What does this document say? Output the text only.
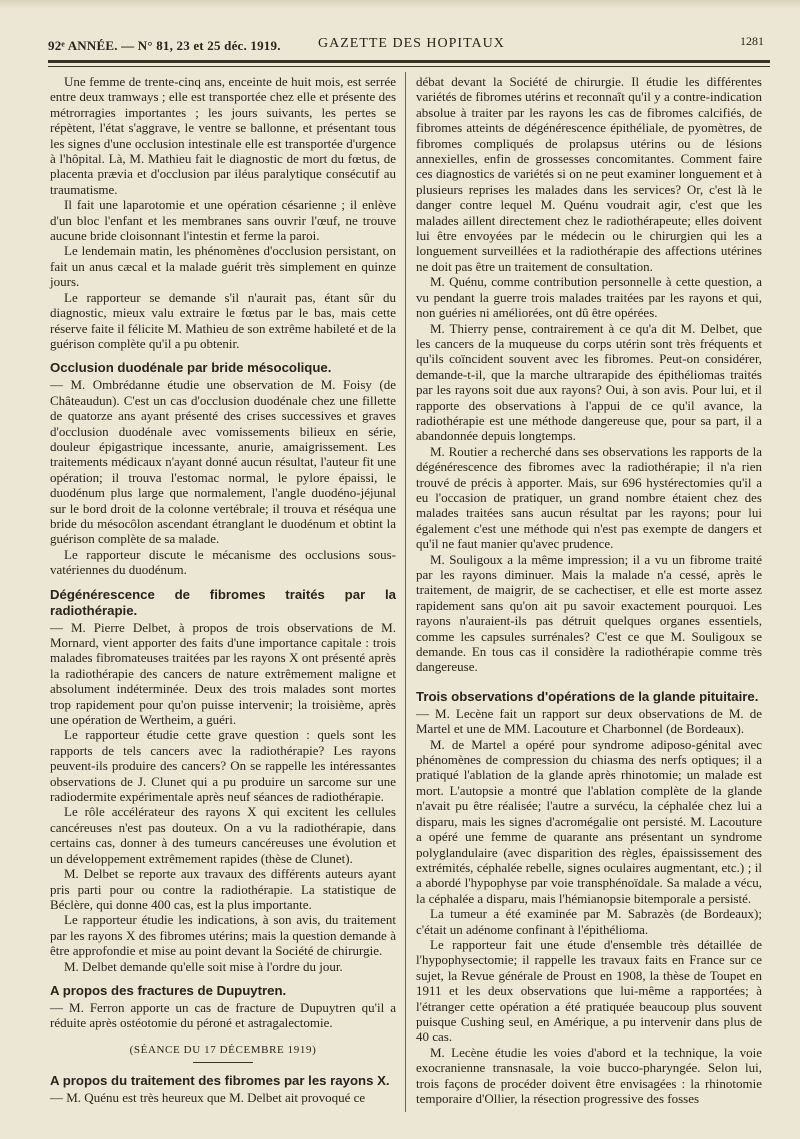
92ᵉ ANNÉE. — N° 81, 23 et 25 déc. 1919.	GAZETTE DES HOPITAUX	1281

Une femme de trente-cinq ans, enceinte de huit mois, est serrée entre deux tramways ; elle est transportée chez elle et présente des métrorragies importantes ; les jours suivants, les pertes se répètent, l'état s'aggrave, le ventre se ballonne, et présentant tous les signes d'une occlusion intestinale elle est transportée d'urgence à l'hôpital. Là, M. Mathieu fait le diagnostic de mort du fœtus, de placenta prævia et d'occlusion par iléus paralytique consécutif au traumatisme.

Il fait une laparotomie et une opération césarienne ; il enlève d'un bloc l'enfant et les membranes sans ouvrir l'œuf, ne trouve aucune bride cloisonnant l'intestin et ferme la paroi.

Le lendemain matin, les phénomènes d'occlusion persistant, on fait un anus cæcal et la malade guérit très simplement en quinze jours.

Le rapporteur se demande s'il n'aurait pas, étant sûr du diagnostic, mieux valu extraire le fœtus par le bas, mais cette réserve faite il félicite M. Mathieu de son extrême habileté et de la guérison complète qu'il a pu obtenir.

Occlusion duodénale par bride mésocolique.

— M. Ombrédanne étudie une observation de M. Foisy (de Châteaudun). C'est un cas d'occlusion duodénale chez une fillette de quatorze ans ayant présenté des crises successives et graves d'occlusion duodénale avec vomissements bilieux en série, douleur épigastrique incessante, anurie, amaigrissement. Les traitements médicaux n'ayant donné aucun résultat, l'auteur fit une opération; il trouva l'estomac normal, le pylore épaissi, le duodénum plus large que normalement, l'angle duodéno-jéjunal sur le bord droit de la colonne vertébrale; il trouva et réséqua une bride du mésocôlon ascendant étranglant le duodénum et obtint la guérison complète de sa malade.

Le rapporteur discute le mécanisme des occlusions sous-vatériennes du duodénum.

Dégénérescence de fibromes traités par la radiothérapie.

— M. Pierre Delbet, à propos de trois observations de M. Mornard, vient apporter des faits d'une importance capitale : trois malades fibromateuses traitées par les rayons X ont présenté après la radiothérapie des cancers de nature extrêmement maligne et absolument indéterminée. Deux des trois malades sont mortes trop rapidement pour qu'on puisse intervenir; la troisième, après une opération de Wertheim, a guéri.

Le rapporteur étudie cette grave question : quels sont les rapports de tels cancers avec la radiothérapie? Les rayons peuvent-ils produire des cancers? On se rappelle les intéressantes observations de J. Clunet qui a pu produire un sarcome sur une radiodermite expérimentale après neuf séances de radiothérapie.

Le rôle accélérateur des rayons X qui excitent les cellules cancéreuses n'est pas douteux. On a vu la radiothérapie, dans certains cas, donner à des tumeurs cancéreuses une évolution et un développement extrêmement rapides (thèse de Clunet).

M. Delbet se reporte aux travaux des différents auteurs ayant pris parti pour ou contre la radiothérapie. La statistique de Béclère, qui donne 400 cas, est la plus importante.

Le rapporteur étudie les indications, à son avis, du traitement par les rayons X des fibromes utérins; mais la question demande à être approfondie et mise au point devant la Société de chirurgie.

M. Delbet demande qu'elle soit mise à l'ordre du jour.

A propos des fractures de Dupuytren.

— M. Ferron apporte un cas de fracture de Dupuytren qu'il a réduite après ostéotomie du péroné et astragalectomie.

(SÉANCE DU 17 DÉCEMBRE 1919)
A propos du traitement des fibromes par les rayons X.

— M. Quénu est très heureux que M. Delbet ait provoqué ce

débat devant la Société de chirurgie. Il étudie les différentes variétés de fibromes utérins et reconnaît qu'il y a contre-indication absolue à traiter par les rayons les cas de fibromes calcifiés, de fibromes atteints de dégénérescence épithéliale, de pyomètres, de fibromes compliqués de prolapsus utérins ou de lésions annexielles, enfin de grossesses concomitantes. Comment faire ces diagnostics de variétés si on ne peut examiner longuement et à plusieurs reprises les malades dans les services? Or, c'est là le danger contre lequel M. Quénu voudrait agir, c'est que les malades aillent directement chez le radiothérapeute; elles doivent lui être envoyées par le médecin ou le chirurgien qui les a longuement surveillées et la radiothérapie des affections utérines ne doit pas être un traitement de consultation.

M. Quénu, comme contribution personnelle à cette question, a vu pendant la guerre trois malades traitées par les rayons et qui, non guéries ni améliorées, ont dû être opérées.

M. Thierry pense, contrairement à ce qu'a dit M. Delbet, que les cancers de la muqueuse du corps utérin sont très fréquents et qu'ils coïncident souvent avec les fibromes. Peut-on considérer, demande-t-il, que la marche ultrarapide des épithéliomas traités par les rayons soit due aux rayons? Oui, à son avis. Pour lui, et il rapporte des observations à l'appui de ce qu'il avance, la radiothérapie est une méthode dangereuse que, pour sa part, il a abandonnée depuis longtemps.

M. Routier a recherché dans ses observations les rapports de la dégénérescence des fibromes avec la radiothérapie; il n'a rien trouvé de précis à apporter. Mais, sur 696 hystérectomies qu'il a eu l'occasion de pratiquer, un grand nombre étaient chez des malades traitées sans aucun résultat par les rayons; pour lui également c'est une méthode qui n'est pas exempte de dangers et qu'il ne faut manier qu'avec prudence.

M. Souligoux a la même impression; il a vu un fibrome traité par les rayons diminuer. Mais la malade n'a cessé, après le traitement, de maigrir, de se cachectiser, et elle est morte assez rapidement sans qu'on ait pu savoir exactement pourquoi. Les rayons n'auraient-ils pas détruit quelques organes essentiels, comme les capsules surrénales? C'est ce que M. Souligoux se demande. En tous cas il considère la radiothérapie comme très dangereuse.

Trois observations d'opérations de la glande pituitaire.

— M. Lecène fait un rapport sur deux observations de M. de Martel et une de MM. Lacouture et Charbonnel (de Bordeaux).

M. de Martel a opéré pour syndrome adiposo-génital avec phénomènes de compression du chiasma des nerfs optiques; il a pratiqué l'ablation de la glande après rhinotomie; un malade est mort. L'autopsie a montré que l'ablation complète de la glande n'avait pu être réalisée; l'autre a survécu, la céphalée chez lui a disparu, mais les signes d'acromégalie ont persisté. M. Lacouture a opéré une femme de quarante ans présentant un syndrome polyglandulaire (avec disparition des règles, épaississement des extrémités, céphalée rebelle, signes oculaires augmentant, etc.) ; il a abordé l'hypophyse par voie transphénoïdale. Sa malade a vécu, la céphalée a disparu, mais l'hémianopsie bitemporale a persisté.

La tumeur a été examinée par M. Sabrazès (de Bordeaux); c'était un adénome confinant à l'épithélioma.

Le rapporteur fait une étude d'ensemble très détaillée de l'hypophysectomie; il rappelle les travaux faits en France sur ce sujet, la Revue générale de Proust en 1908, la thèse de Toupet en 1911 et les deux observations que lui-même a rapportées; à l'étranger cette opération a été pratiquée beaucoup plus souvent puisque Cushing seul, en Amérique, a pu intervenir dans plus de 40 cas.

M. Lecène étudie les voies d'abord et la technique, la voie exocranienne transnasale, la voie bucco-pharyngée. Selon lui, trois façons de procéder doivent être envisagées : la rhinotomie temporaire d'Ollier, la résection progressive des fosses
